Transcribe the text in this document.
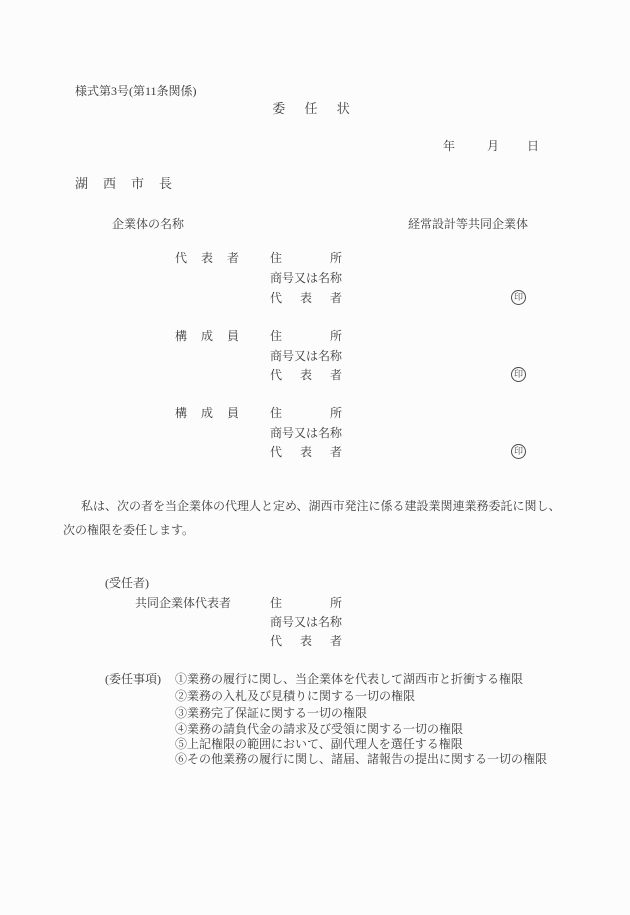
様式第3号(第11条関係)
委 任 状
年	月 日
湖西市長
企業体の名称	経常設計等共同企業体
代表者 住所
商号又は名称
代表者	印
構成員 住所
商号又は名称
代表者	印
構成員 住所
商号又は名称
代表者	印
私は、次の者を当企業体の代理人と定め、湖西市発注に係る建設業関連業務委託に関し、
次の権限を委任します。
(受任者)
共同企業体代表者	住所
商号又は名称
代表者
(委任事項) ①業務の履行に関し、当企業体を代表して湖西市と折衝する権限
②業務の入札及び見積りに関する一切の権限
③業務完了保証に関する一切の権限
④業務の請負代金の請求及び受領に関する一切の権限
⑤上記権限の範囲において、副代理人を選任する権限
⑥その他業務の履行に関し、諸届、諸報告の提出に関する一切の権限
